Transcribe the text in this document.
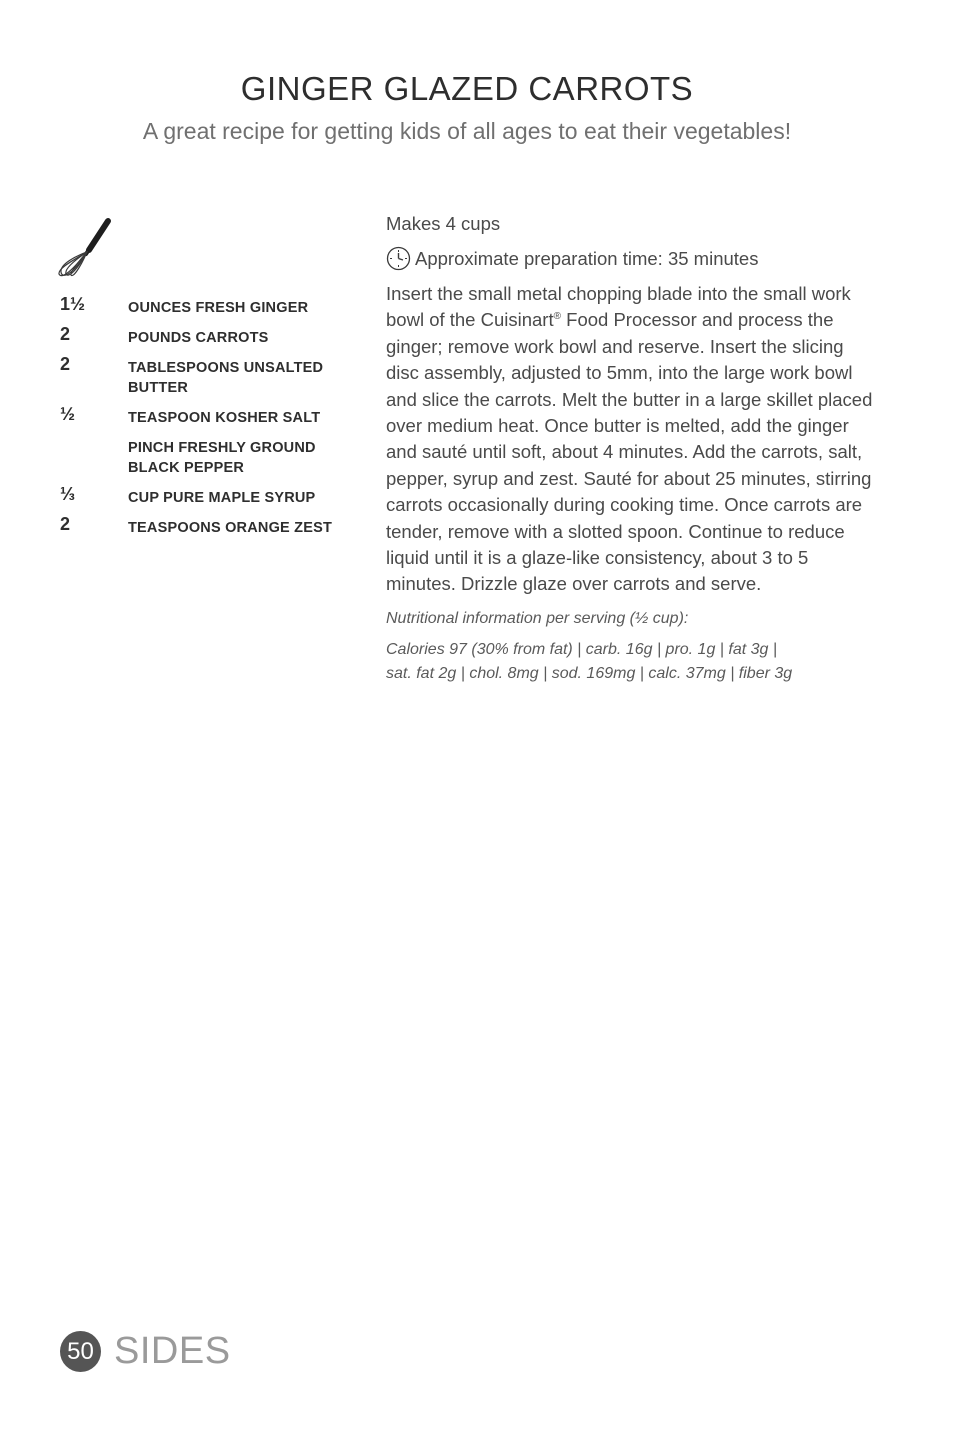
GINGER GLAZED CARROTS

A great recipe for getting kids of all ages to eat their vegetables!

1½	OUNCES FRESH GINGER
2	POUNDS CARROTS
2	TABLESPOONS UNSALTED BUTTER
½	TEASPOON KOSHER SALT
PINCH FRESHLY GROUND BLACK PEPPER
⅓	CUP PURE MAPLE SYRUP
2	TEASPOONS ORANGE ZEST

Makes 4 cups

Approximate preparation time: 35 minutes

Insert the small metal chopping blade into the small work bowl of the Cuisinart® Food Processor and process the ginger; remove work bowl and reserve. Insert the slicing disc assembly, adjusted to 5mm, into the large work bowl and slice the carrots. Melt the butter in a large skillet placed over medium heat. Once butter is melted, add the ginger and sauté until soft, about 4 minutes. Add the carrots, salt, pepper, syrup and zest. Sauté for about 25 minutes, stirring carrots occasionally during cooking time. Once carrots are tender, remove with a slotted spoon. Continue to reduce liquid until it is a glaze-like consistency, about 3 to 5 minutes. Drizzle glaze over carrots and serve.

Nutritional information per serving (½ cup):

Calories 97 (30% from fat) | carb. 16g | pro. 1g | fat 3g |
sat. fat 2g | chol. 8mg | sod. 169mg | calc. 37mg | fiber 3g

50 SIDES
